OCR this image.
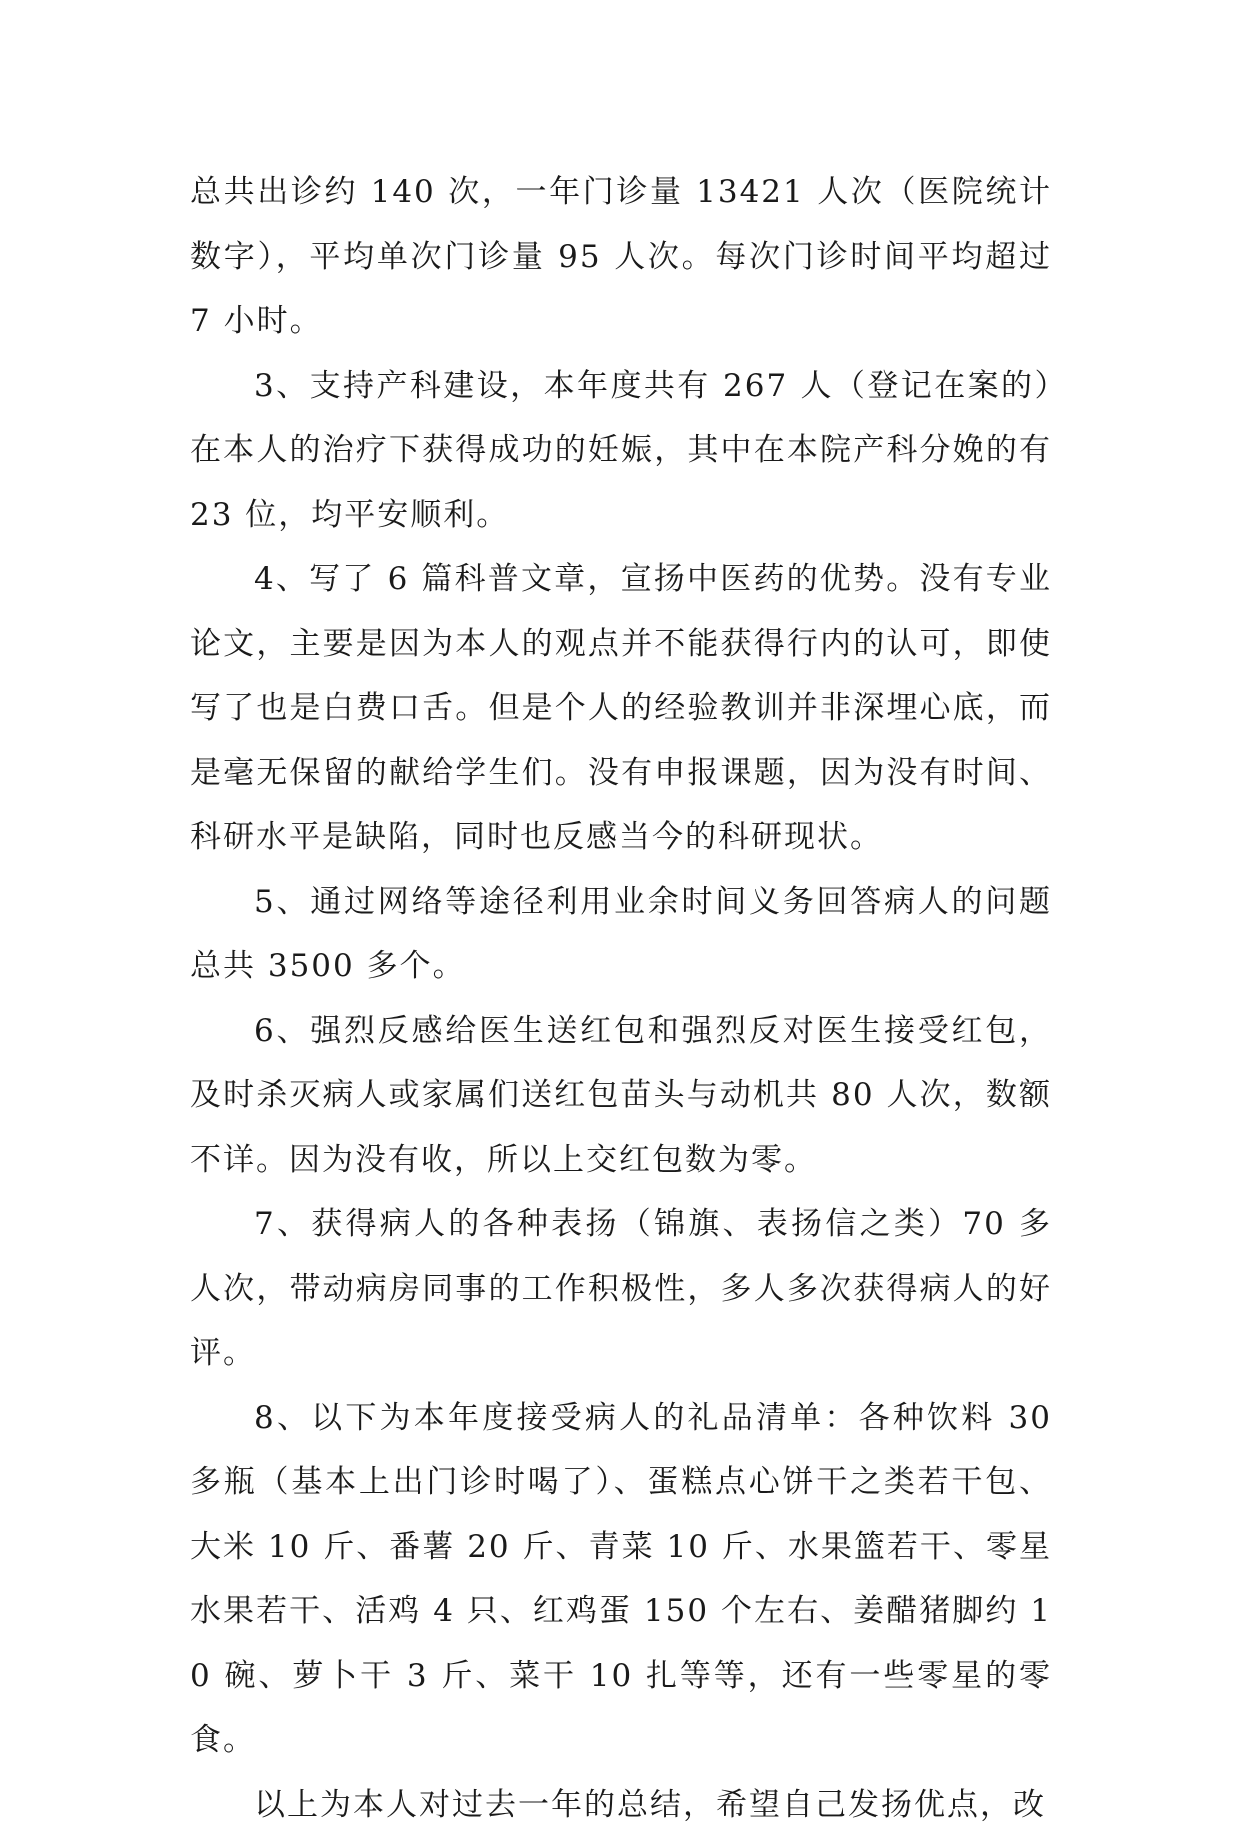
总共出诊约 140 次，一年门诊量 13421 人次（医院统计数字），平均单次门诊量 95 人次。每次门诊时间平均超过 7 小时。

3、支持产科建设，本年度共有 267 人（登记在案的）在本人的治疗下获得成功的妊娠，其中在本院产科分娩的有 23 位，均平安顺利。

4、写了 6 篇科普文章，宣扬中医药的优势。没有专业论文，主要是因为本人的观点并不能获得行内的认可，即使写了也是白费口舌。但是个人的经验教训并非深埋心底，而是毫无保留的献给学生们。没有申报课题，因为没有时间、科研水平是缺陷，同时也反感当今的科研现状。

5、通过网络等途径利用业余时间义务回答病人的问题总共 3500 多个。

6、强烈反感给医生送红包和强烈反对医生接受红包，及时杀灭病人或家属们送红包苗头与动机共 80 人次，数额不详。因为没有收，所以上交红包数为零。

7、获得病人的各种表扬（锦旗、表扬信之类）70 多人次，带动病房同事的工作积极性，多人多次获得病人的好评。

8、以下为本年度接受病人的礼品清单：各种饮料 30 多瓶（基本上出门诊时喝了）、蛋糕点心饼干之类若干包、大米 10 斤、番薯 20 斤、青菜 10 斤、水果篮若干、零星水果若干、活鸡 4 只、红鸡蛋 150 个左右、姜醋猪脚约 10 碗、萝卜干 3 斤、菜干 10 扎等等，还有一些零星的零食。

以上为本人对过去一年的总结，希望自己发扬优点，改
